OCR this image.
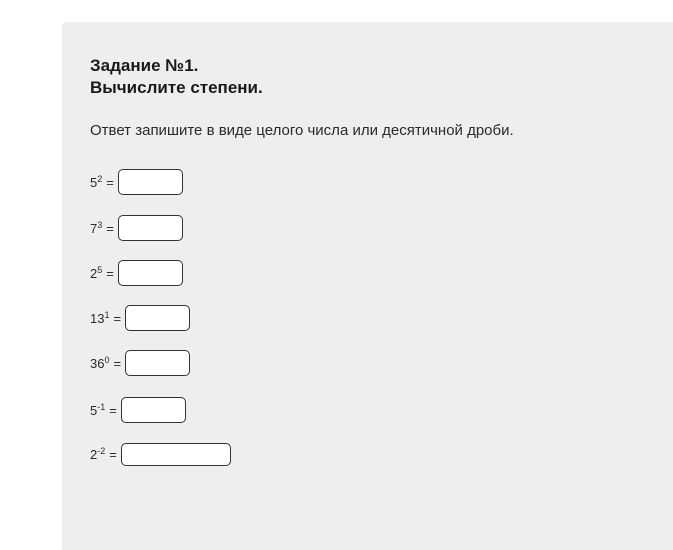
Задание №1.
Вычислите степени.
Ответ запишите в виде целого числа или десятичной дроби.
$5^2$ =
$7^3$ =
$2^5$ =
$13^1$ =
$36^0$ =
$5^{-1}$ =
$2^{-2}$ =
